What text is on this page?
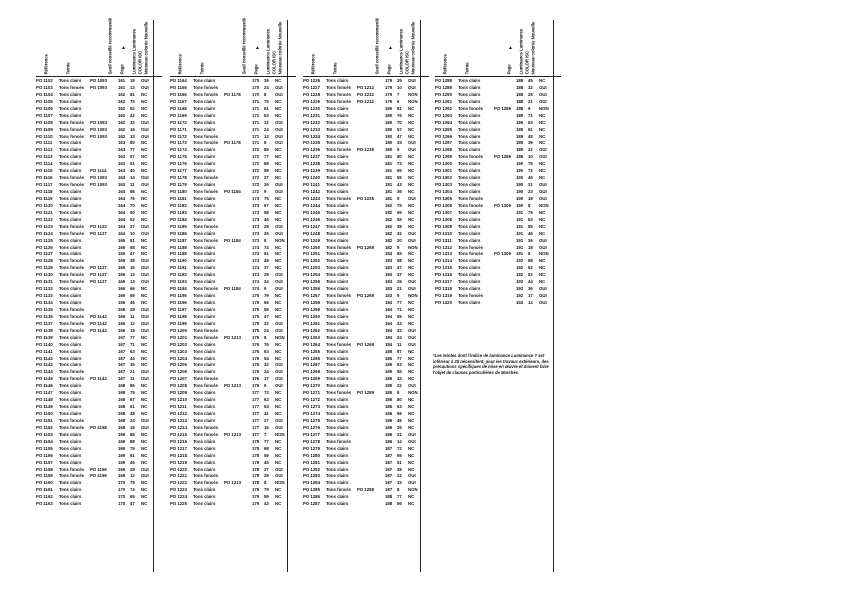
Référence	Teinte	Seuil conseillé recommandé Page Luminance Luminance COLOR ISC Nouveau colorée Nouvelle
▲
PO 1102	Tons clairs	PO 1093	161	15	OUI
PO 1103	Tons foncés	PO 1093	161	13	OUI
PO 1104	Tons clairs	162	81	NC
PO 1105	Tons clairs	162	75	NC
PO 1106	Tons clairs	162	62	NC
PO 1107	Tons clairs	162	42	NC
PO 1108	Tons foncés	PO 1093	162	32	OUI
PO 1109	Tons foncés	PO 1093	162	16	OUI
PO 1110	Tons foncés	PO 1093	162	13	OUI
PO 1111	Tons clairs	163	80	NC
PO 1112	Tons clairs	163	77	NC
PO 1113	Tons clairs	163	67	NC
PO 1114	Tons clairs	163	61	NC
PO 1115	Tons clairs	PO 1114	163	40	NC
PO 1116	Tons foncés	PO 1093	163	14	OUI
PO 1117	Tons foncés	PO 1093	163	11	OUI
PO 1118	Tons clairs	164	86	NC
PO 1119	Tons clairs	164	76	NC
PO 1120	Tons clairs	164	70	NC
PO 1121	Tons clairs	164	60	NC
PO 1122	Tons clairs	164	52	NC
PO 1123	Tons foncés	PO 1122	164	27	OUI
PO 1124	Tons foncés	PO 1127	164	10	OUI
PO 1125	Tons clairs	165	81	NC
PO 1126	Tons clairs	165	68	NC
PO 1127	Tons clairs	165	47	NC
PO 1128	Tons foncés	165	38	OUI
PO 1129	Tons foncés	PO 1127	165	15	OUI
PO 1130	Tons foncés	PO 1127	165	13	OUI
PO 1131	Tons foncés	PO 1127	165	13	OUI
PO 1132	Tons clairs	166	66	NC
PO 1133	Tons clairs	166	59	NC
PO 1134	Tons clairs	166	45	NC
PO 1135	Tons foncés	166	28	OUI
PO 1136	Tons foncés	PO 1142	166	11	OUI
PO 1137	Tons foncés	PO 1142	166	12	OUI
PO 1138	Tons foncés	PO 1142	166	18	OUI
PO 1139	Tons clairs	167	77	NC
PO 1140	Tons clairs	167	71	NC
PO 1141	Tons clairs	167	63	NC
PO 1142	Tons clairs	167	44	NC
PO 1143	Tons clairs	167	35	NC
PO 1144	Tons foncés	167	21	OUI
PO 1145	Tons foncés	PO 1142	167	11	OUI
PO 1146	Tons clairs	168	86	NC
PO 1147	Tons clairs	168	75	NC
PO 1148	Tons clairs	168	67	NC
PO 1149	Tons clairs	168	61	NC
PO 1150	Tons clairs	168	48	NC
PO 1151	Tons foncés	168	24	OUI
PO 1152	Tons foncés	PO 1158	168	18	OUI
PO 1153	Tons clairs	169	86	NC
PO 1154	Tons clairs	169	88	NC
PO 1155	Tons clairs	169	79	NC
PO 1156	Tons clairs	169	61	NC
PO 1157	Tons clairs	169	45	NC
PO 1158	Tons foncés	PO 1156	169	28	OUI
PO 1159	Tons foncés	PO 1156	169	12	OUI
PO 1160	Tons clairs	170	79	NC
PO 1161	Tons clairs	170	74	NC
PO 1162	Tons clairs	170	65	NC
PO 1163	Tons clairs	170	47	NC
Référence	Teinte	Seuil conseillé recommandé Page Luminance Luminance COLOR ISC Nouveau colorée Nouvelle
▲
PO 1164	Tons clairs	170	39	NC
PO 1165	Tons foncés	170	24	OUI
PO 1166	Tons foncés	PO 1178	170	8	OUI
PO 1167	Tons clairs	171	75	NC
PO 1168	Tons clairs	171	61	NC
PO 1169	Tons clairs	171	53	NC
PO 1170	Tons clairs	171	32	OUI
PO 1171	Tons clairs	171	24	OUI
PO 1172	Tons foncés	171	12	OUI
PO 1173	Tons foncés	PO 1178	171	8	OUI
PO 1174	Tons clairs	172	85	NC
PO 1175	Tons clairs	172	77	NC
PO 1176	Tons clairs	172	68	NC
PO 1177	Tons clairs	172	59	NC
PO 1178	Tons foncés	172	27	NC
PO 1179	Tons clairs	172	26	OUI
PO 1180	Tons foncés	PO 1184	172	9	OUI
PO 1181	Tons clairs	173	75	NC
PO 1182	Tons clairs	173	67	NC
PO 1183	Tons clairs	173	58	NC
PO 1184	Tons clairs	173	46	NC
PO 1185	Tons foncés	173	28	OUI
PO 1186	Tons clairs	173	26	OUI
PO 1187	Tons foncés	PO 1184	173	8	NON
PO 1188	Tons clairs	174	74	NC
PO 1189	Tons clairs	174	61	NC
PO 1190	Tons clairs	174	48	NC
PO 1191	Tons clairs	174	37	NC
PO 1192	Tons clairs	174	29	OUI
PO 1193	Tons clairs	174	24	OUI
PO 1194	Tons foncés	PO 1184	174	9	OUI
PO 1195	Tons clairs	175	79	NC
PO 1196	Tons clairs	175	66	NC
PO 1197	Tons clairs	175	55	NC
PO 1198	Tons clairs	175	47	NC
PO 1199	Tons clairs	175	32	OUI
PO 1200	Tons foncés	175	24	OUI
PO 1201	Tons foncés	PO 1213	175	8	NON
PO 1202	Tons clairs	176	76	NC
PO 1203	Tons clairs	176	63	NC
PO 1204	Tons clairs	176	54	NC
PO 1205	Tons clairs	176	32	OUI
PO 1206	Tons clairs	176	24	OUI
PO 1207	Tons foncés	176	17	OUI
PO 1208	Tons foncés	PO 1213	176	9	OUI
PO 1209	Tons clairs	177	73	NC
PO 1210	Tons clairs	177	63	NC
PO 1211	Tons clairs	177	53	NC
PO 1212	Tons clairs	177	41	NC
PO 1213	Tons clairs	177	27	OUI
PO 1214	Tons foncés	177	16	OUI
PO 1215	Tons foncés	PO 1213	177	7	NON
PO 1216	Tons clairs	178	77	NC
PO 1217	Tons clairs	178	68	NC
PO 1218	Tons clairs	178	59	NC
PO 1219	Tons clairs	178	45	NC
PO 1220	Tons clairs	178	27	OUI
PO 1221	Tons foncés	178	28	OUI
PO 1222	Tons foncés	PO 1213	178	8	NON
PO 1223	Tons clairs	179	79	NC
PO 1224	Tons clairs	179	59	NC
PO 1225	Tons clairs	179	43	NC
Référence	Teinte	Seuil conseillé recommandé Page Luminance Luminance COLOR ISC Nouveau colorée Nouvelle
▲
PO 1226	Tons clairs	179	25	OUI
PO 1227	Tons foncés	PO 1212	179	10	OUI
PO 1228	Tons foncés	PO 1212	179	7	NON
PO 1229	Tons foncés	PO 1212	179	6	NON
PO 1230	Tons clairs	180	81	NC
PO 1231	Tons clairs	180	76	NC
PO 1232	Tons clairs	180	70	NC
PO 1233	Tons clairs	180	57	NC
PO 1234	Tons clairs	180	47	NC
PO 1235	Tons clairs	180	33	OUI
PO 1236	Tons foncés	PO 1235	180	9	OUI
PO 1237	Tons clairs	181	80	NC
PO 1238	Tons clairs	181	73	NC
PO 1239	Tons clairs	181	65	NC
PO 1240	Tons clairs	181	55	NC
PO 1241	Tons clairs	181	43	NC
PO 1242	Tons clairs	181	36	NC
PO 1243	Tons foncés	PO 1235	181	9	OUI
PO 1244	Tons clairs	182	75	NC
PO 1245	Tons clairs	182	69	NC
PO 1246	Tons clairs	182	59	NC
PO 1247	Tons clairs	182	38	NC
PO 1248	Tons clairs	182	32	OUI
PO 1249	Tons clairs	182	20	OUI
PO 1250	Tons foncés	PO 1268	182	9	NON
PO 1251	Tons clairs	183	65	NC
PO 1252	Tons clairs	183	58	NC
PO 1253	Tons clairs	183	47	NC
PO 1254	Tons clairs	183	37	NC
PO 1255	Tons clairs	183	25	OUI
PO 1256	Tons clairs	183	21	OUI
PO 1257	Tons foncés	PO 1268	183	9	NON
PO 1258	Tons clairs	184	77	NC
PO 1259	Tons clairs	184	71	NC
PO 1260	Tons clairs	184	55	NC
PO 1261	Tons clairs	184	43	NC
PO 1262	Tons clairs	184	32	OUI
PO 1263	Tons clairs	184	24	OUI
PO 1264	Tons foncés	PO 1268	184	11	OUI
PO 1265	Tons clairs	185	87	NC
PO 1266	Tons clairs	185	77	NC
PO 1267	Tons clairs	185	63	NC
PO 1268	Tons clairs	185	55	NC
PO 1269	Tons clairs	185	43	NC
PO 1270	Tons clairs	185	22	OUI
PO 1271	Tons foncés	PO 1289	185	8	NON
PO 1272	Tons clairs	186	80	NC
PO 1273	Tons clairs	186	63	NC
PO 1274	Tons clairs	186	56	NC
PO 1275	Tons clairs	186	46	NC
PO 1276	Tons clairs	186	36	NC
PO 1277	Tons clairs	186	21	OUI
PO 1278	Tons foncés	186	14	OUI
PO 1279	Tons clairs	187	72	NC
PO 1280	Tons clairs	187	65	NC
PO 1281	Tons clairs	187	51	NC
PO 1282	Tons clairs	187	38	NC
PO 1283	Tons clairs	187	22	OUI
PO 1284	Tons clairs	187	15	OUI
PO 1285	Tons foncés	PO 1289	187	8	NON
PO 1286	Tons clairs	188	77	NC
PO 1287	Tons clairs	188	56	NC
Référence	Teinte	Page Luminance Luminance COLOR ISC Nouveau colorée Nouvelle
▲
PO 1288	Tons clairs	188	45	NC
PO 1289	Tons clairs	188	32	OUI
PO 1290	Tons clairs	188	25	OUI
PO 1291	Tons clairs	188	21	OUI
PO 1292	Tons foncés	PO 1289	188	9	NON
PO 1293	Tons clairs	189	71	NC
PO 1294	Tons clairs	189	63	NC
PO 1295	Tons clairs	189	61	NC
PO 1296	Tons clairs	189	48	NC
PO 1297	Tons clairs	189	39	NC
PO 1298	Tons clairs	189	22	OUI
PO 1299	Tons foncés	PO 1289	189	10	OUI
PO 1300	Tons clairs	190	75	NC
PO 1301	Tons clairs	190	72	NC
PO 1302	Tons clairs	190	46	NC
PO 1303	Tons clairs	190	31	OUI
PO 1304	Tons clairs	190	23	OUI
PO 1305	Tons foncés	190	18	OUI
PO 1306	Tons foncés	PO 1306	190	8	NON
PO 1307	Tons clairs	191	75	NC
PO 1308	Tons clairs	191	63	NC
PO 1309	Tons clairs	191	55	NC
PO 1310	Tons clairs	191	46	NC
PO 1311	Tons clairs	191	36	OUI
PO 1312	Tons foncés	191	18	OUI
PO 1313	Tons foncés	PO 1306	191	8	NON
PO 1314	Tons clairs	192	68	NC
PO 1315	Tons clairs	192	62	NC
PO 1316	Tons clairs	192	52	NC
PO 1317	Tons clairs	192	44	NC
PO 1318	Tons clairs	192	36	OUI
PO 1319	Tons foncés	192	17	OUI
PO 1320	Tons clairs	192	12	OUI
*Les teintes dont l'indice de luminance Luminance Y est inférieur à 25 nécessitent, pour les travaux extérieurs, des précautions spécifiques de mise en œuvre et doivent faire l'objet de clauses particulières de Marchés.
